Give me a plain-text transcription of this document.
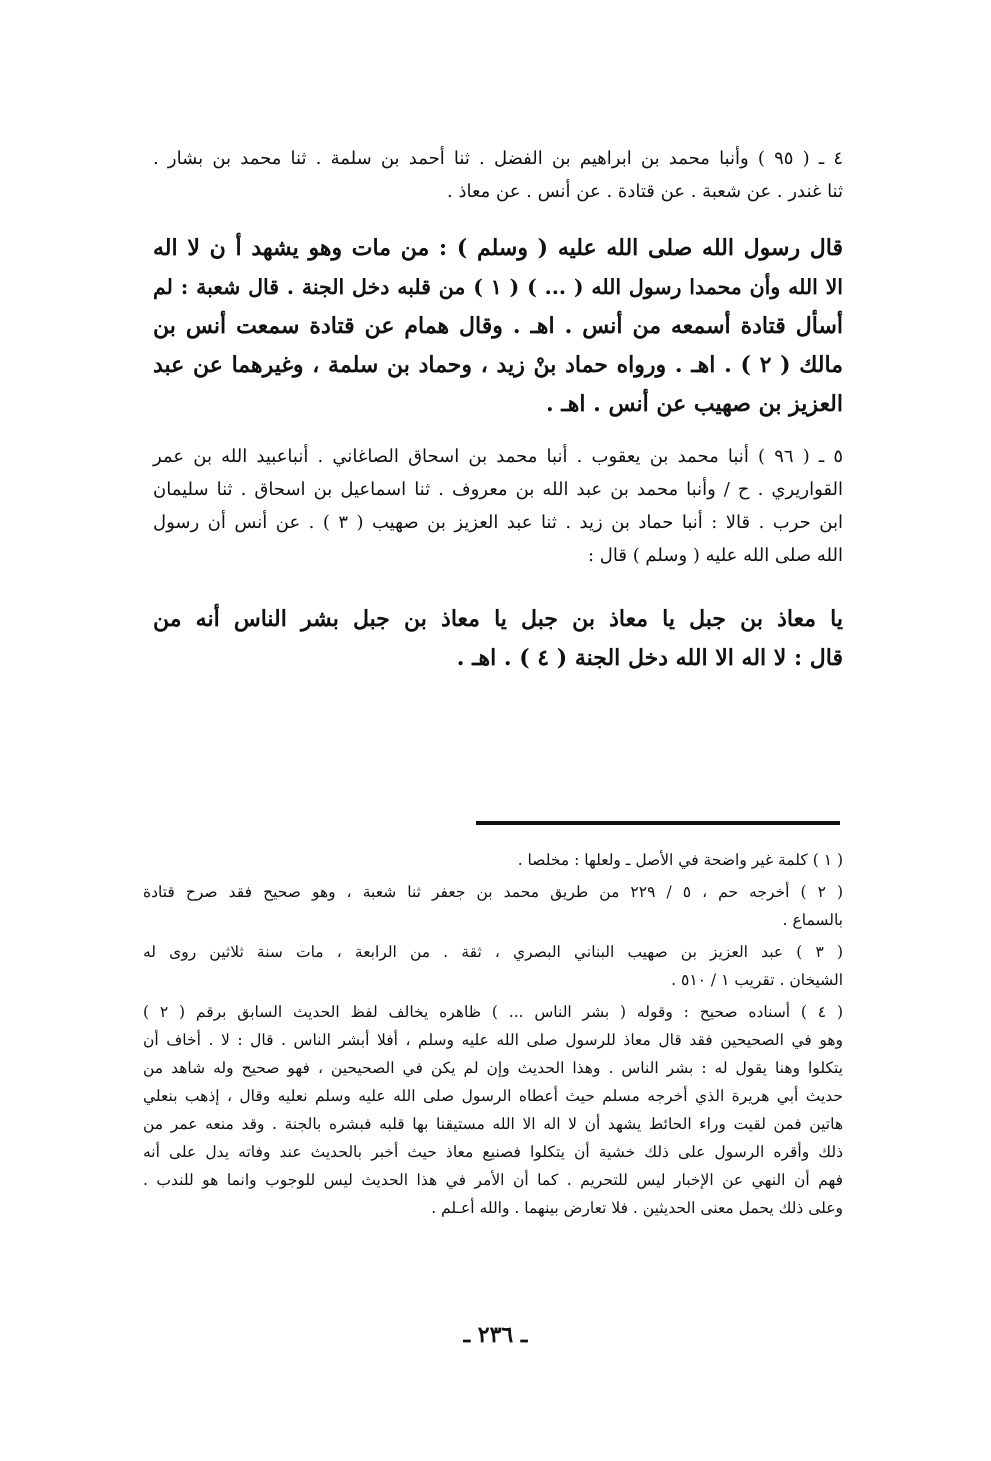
٤ ـ ( ٩٥ ) وأنبا محمد بن ابراهيم بن الفضل . ثنا أحمد بن سلمة . ثنا محمد بن بشار .
ثنا غندر . عن شعبة . عن قتادة . عن أنس . عن معاذ .
قال رسول الله صلى الله عليه ( وسلم ) : من مات وهو يشهد أ ن لا اله
الا الله وأن محمدا رسول الله ( ... ) ( ١ ) من قلبه دخل الجنة . قال شعبة : لم
أسأل قتادة أسمعه من أنس . اهـ . وقال همام عن قتادة سمعت أنس بن
مالك ( ٢ ) . اهـ . ورواه حماد بنْ زيد ، وحماد بن سلمة ، وغيرهما عن عبد
العزيز بن صهيب عن أنس . اهـ .
٥ ـ ( ٩٦ ) أنبا محمد بن يعقوب . أنبا محمد بن اسحاق الصاغاني . أنباعبيد الله بن عمر
القواريري . ح / وأنبا محمد بن عبد الله بن معروف . ثنا اسماعيل بن اسحاق . ثنا سليمان
ابن حرب . قالا : أنبا حماد بن زيد . ثنا عبد العزيز بن صهيب ( ٣ ) . عن أنس أن رسول
الله صلى الله عليه ( وسلم ) قال :
يا معاذ بن جبل يا معاذ بن جبل يا معاذ بن جبل بشر الناس أنه من
قال : لا اله الا الله دخل الجنة ( ٤ ) . اهـ .
( ١ ) كلمة غير واضحة في الأصل ـ ولعلها : مخلصا .
( ٢ ) أخرجه حم ، ٥ / ٢٢٩ من طريق محمد بن جعفر ثنا شعبة ، وهو صحيح فقد صرح قتادة
بالسماع .
( ٣ ) عبد العزيز بن صهيب البناني البصري ، ثقة . من الرابعة ، مات سنة ثلاثين روى له
الشيخان . تقريب ١ / ٥١٠ .
( ٤ ) أسناده صحيح : وقوله ( بشر الناس ... ) ظاهره يخالف لفظ الحديث السابق برقم ( ٢ )
وهو في الصحيحين فقد قال معاذ للرسول صلى الله عليه وسلم ، أفلا أبشر الناس . قال : لا . أخاف أن
يتكلوا وهنا يقول له : بشر الناس . وهذا الحديث وإن لم يكن في الصحيحين ، فهو صحيح وله شاهد من
حديث أبي هريرة الذي أخرجه مسلم حيث أعطاه الرسول صلى الله عليه وسلم نعليه وقال ، إذهب بنعلي
هاتين فمن لقيت وراء الحائط يشهد أن لا اله الا الله مستيقنا بها قلبه فبشره بالجنة . وقد منعه عمر من
ذلك وأقره الرسول على ذلك خشية أن يتكلوا فصنيع معاذ حيث أخبر بالحديث عند وفاته يدل على أنه
فهم أن النهي عن الإخبار ليس للتحريم . كما أن الأمر في هذا الحديث ليس للوجوب وانما هو للندب .
وعلى ذلك يحمل معنى الحديثين . فلا تعارض بينهما . والله أعـلم .
ـ ٢٣٦ ـ
